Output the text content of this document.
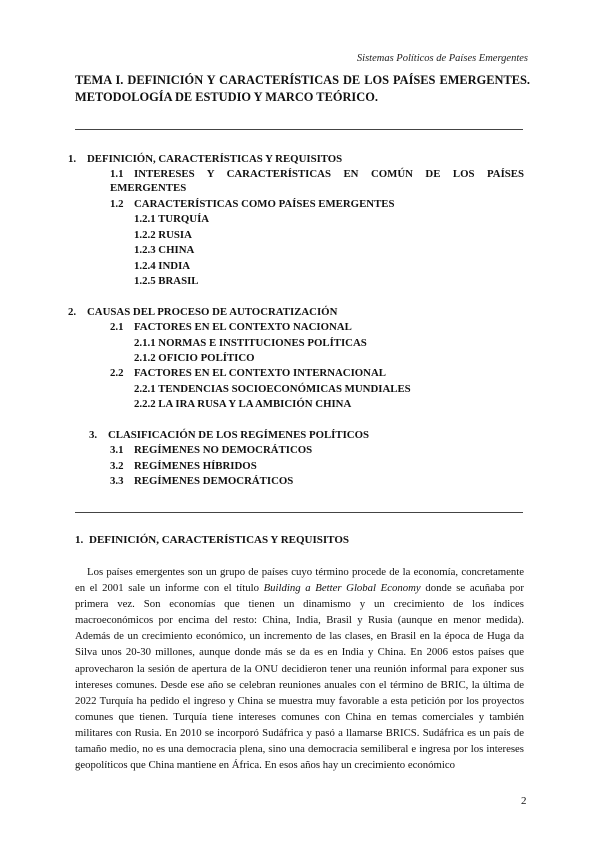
Sistemas Políticos de Países Emergentes
TEMA I. DEFINICIÓN Y CARACTERÍSTICAS DE LOS PAÍSES EMERGENTES. METODOLOGÍA DE ESTUDIO Y MARCO TEÓRICO.
1. DEFINICIÓN, CARACTERÍSTICAS Y REQUISITOS
1.1 INTERESES Y CARACTERÍSTICAS EN COMÚN DE LOS PAÍSES EMERGENTES
1.2 CARACTERÍSTICAS COMO PAÍSES EMERGENTES
1.2.1 TURQUÍA
1.2.2 RUSIA
1.2.3 CHINA
1.2.4 INDIA
1.2.5 BRASIL
2. CAUSAS DEL PROCESO DE AUTOCRATIZACIÓN
2.1 FACTORES EN EL CONTEXTO NACIONAL
2.1.1 NORMAS E INSTITUCIONES POLÍTICAS
2.1.2 OFICIO POLÍTICO
2.2 FACTORES EN EL CONTEXTO INTERNACIONAL
2.2.1 TENDENCIAS SOCIOECONÓMICAS MUNDIALES
2.2.2 LA IRA RUSA Y LA AMBICIÓN CHINA
3. CLASIFICACIÓN DE LOS REGÍMENES POLÍTICOS
3.1 REGÍMENES NO DEMOCRÁTICOS
3.2 REGÍMENES HÍBRIDOS
3.3 REGÍMENES DEMOCRÁTICOS
1. DEFINICIÓN, CARACTERÍSTICAS Y REQUISITOS
Los países emergentes son un grupo de países cuyo término procede de la economía, concretamente en el 2001 sale un informe con el título Building a Better Global Economy donde se acuñaba por primera vez. Son economías que tienen un dinamismo y un crecimiento de los índices macroeconómicos por encima del resto: China, India, Brasil y Rusia (aunque en menor medida). Además de un crecimiento económico, un incremento de las clases, en Brasil en la época de Huga da Silva unos 20-30 millones, aunque donde más se da es en India y China. En 2006 estos países que aprovecharon la sesión de apertura de la ONU decidieron tener una reunión informal para exponer sus intereses comunes. Desde ese año se celebran reuniones anuales con el término de BRIC, la última de 2022 Turquía ha pedido el ingreso y China se muestra muy favorable a esta petición por los proyectos comunes que tienen. Turquía tiene intereses comunes con China en temas comerciales y también militares con Rusia. En 2010 se incorporó Sudáfrica y pasó a llamarse BRICS. Sudáfrica es un país de tamaño medio, no es una democracia plena, sino una democracia semiliberal e ingresa por los intereses geopolíticos que China mantiene en África. En esos años hay un crecimiento económico
2
